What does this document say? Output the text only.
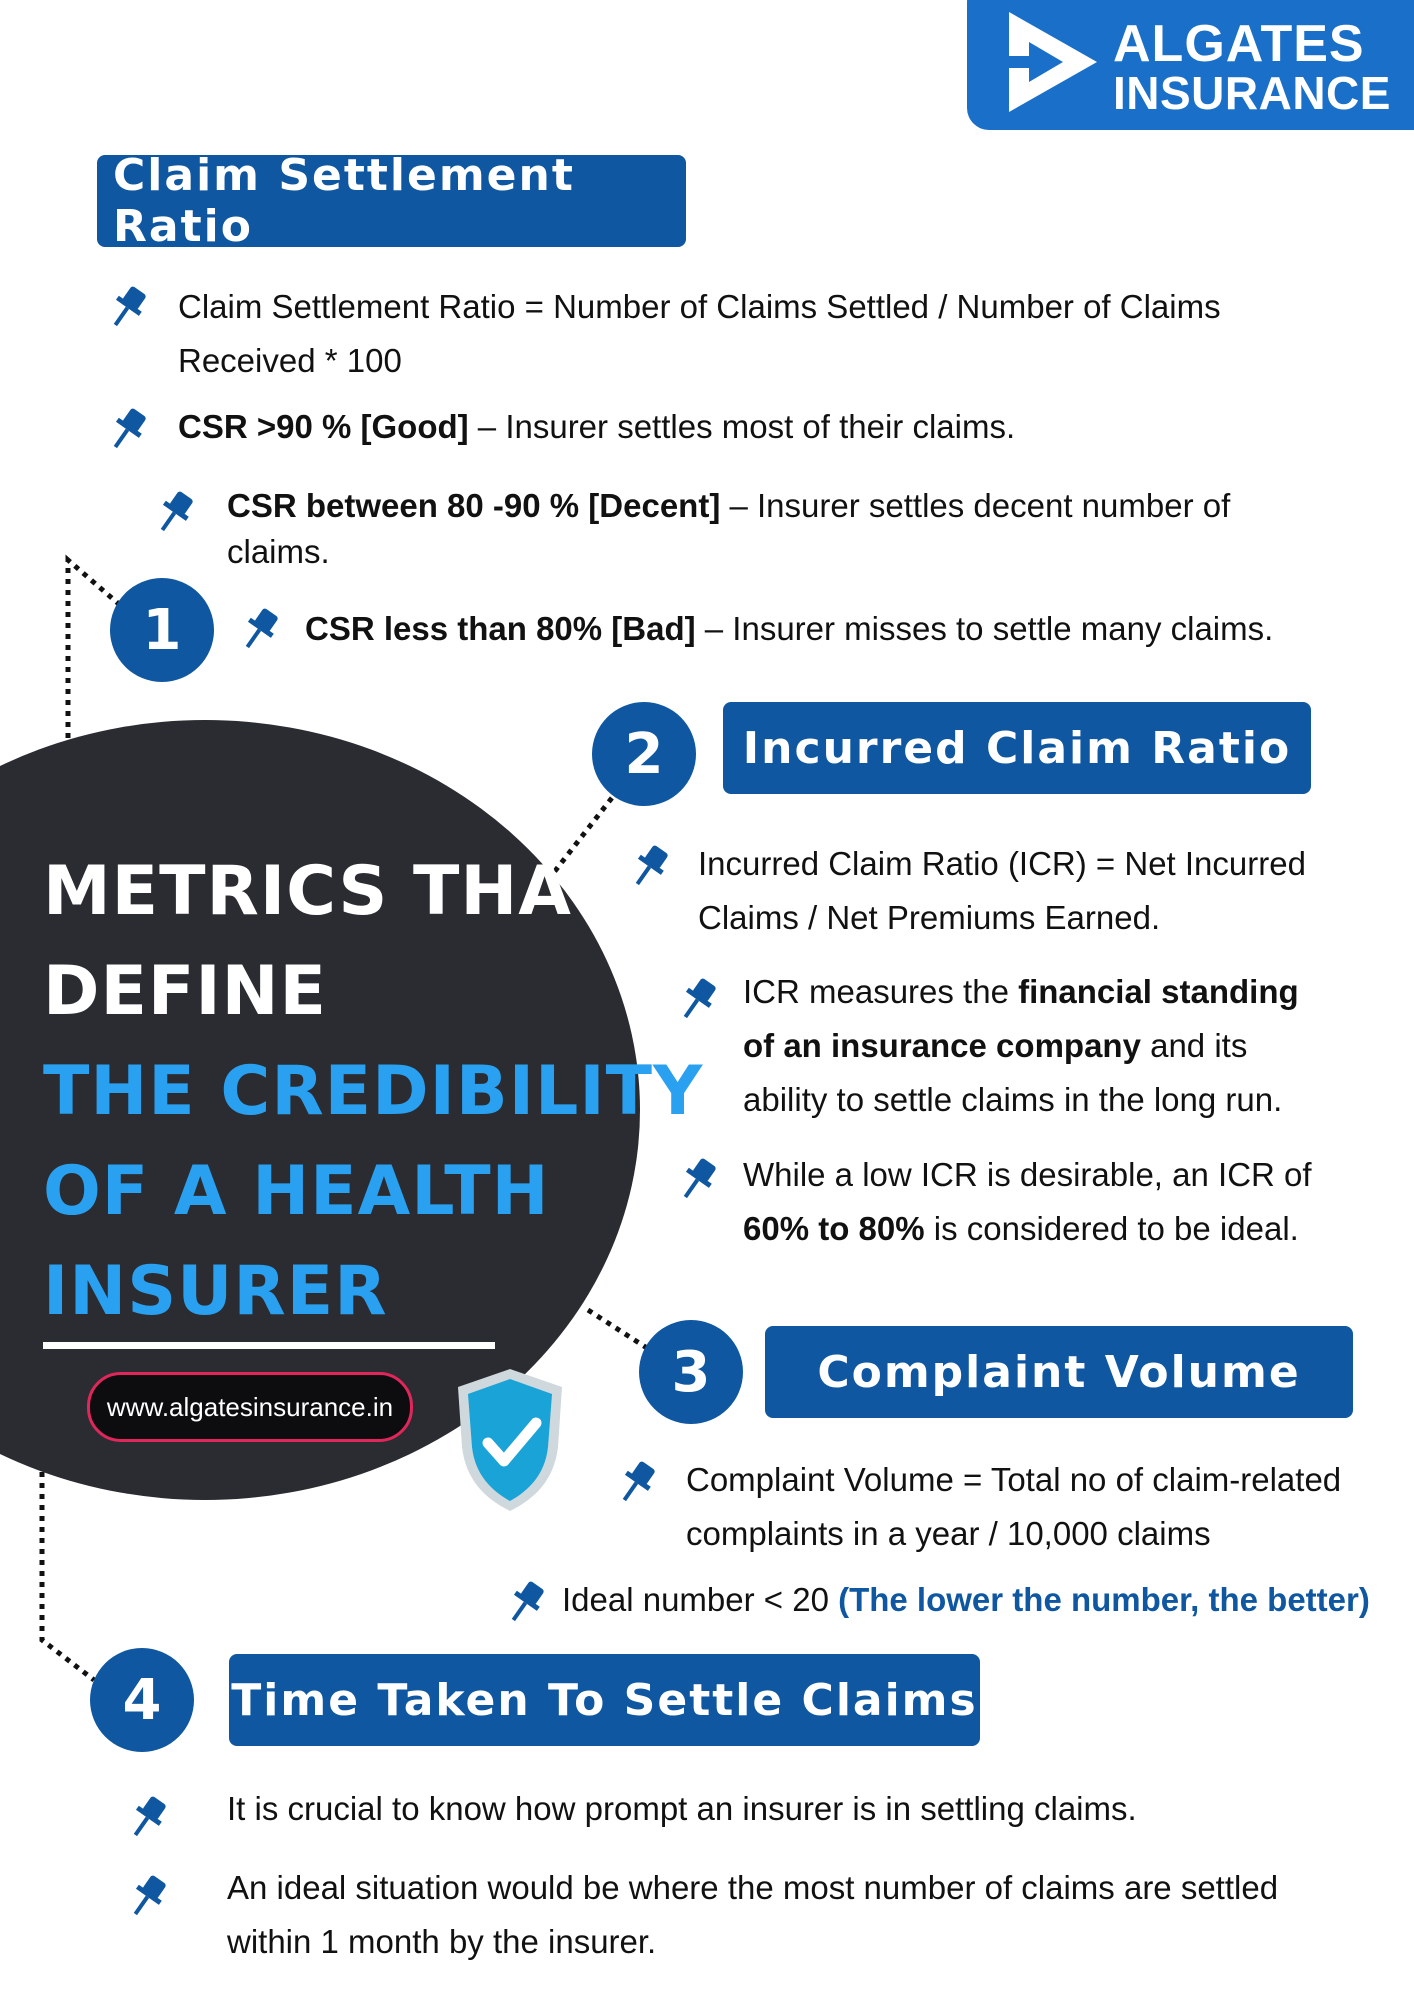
ALGATES
INSURANCE
Claim Settlement Ratio
Claim Settlement Ratio = Number of Claims Settled / Number of Claims
Received * 100
CSR >90 % [Good] – Insurer settles most of their claims.
CSR between 80 -90 % [Decent] – Insurer settles decent number of
claims.
1	CSR less than 80% [Bad] – Insurer misses to settle many claims.
METRICS THAT
DEFINE
THE CREDIBILITY
OF A HEALTH
INSURER
www.algatesinsurance.in
2	Incurred Claim Ratio
Incurred Claim Ratio (ICR) = Net Incurred
Claims / Net Premiums Earned.
ICR measures the financial standing
of an insurance company and its
ability to settle claims in the long run.
While a low ICR is desirable, an ICR of
60% to 80% is considered to be ideal.
3	Complaint Volume
Complaint Volume = Total no of claim-related
complaints in a year / 10,000 claims
Ideal number < 20 (The lower the number, the better)
4	Time Taken To Settle Claims
It is crucial to know how prompt an insurer is in settling claims.
An ideal situation would be where the most number of claims are settled
within 1 month by the insurer.
